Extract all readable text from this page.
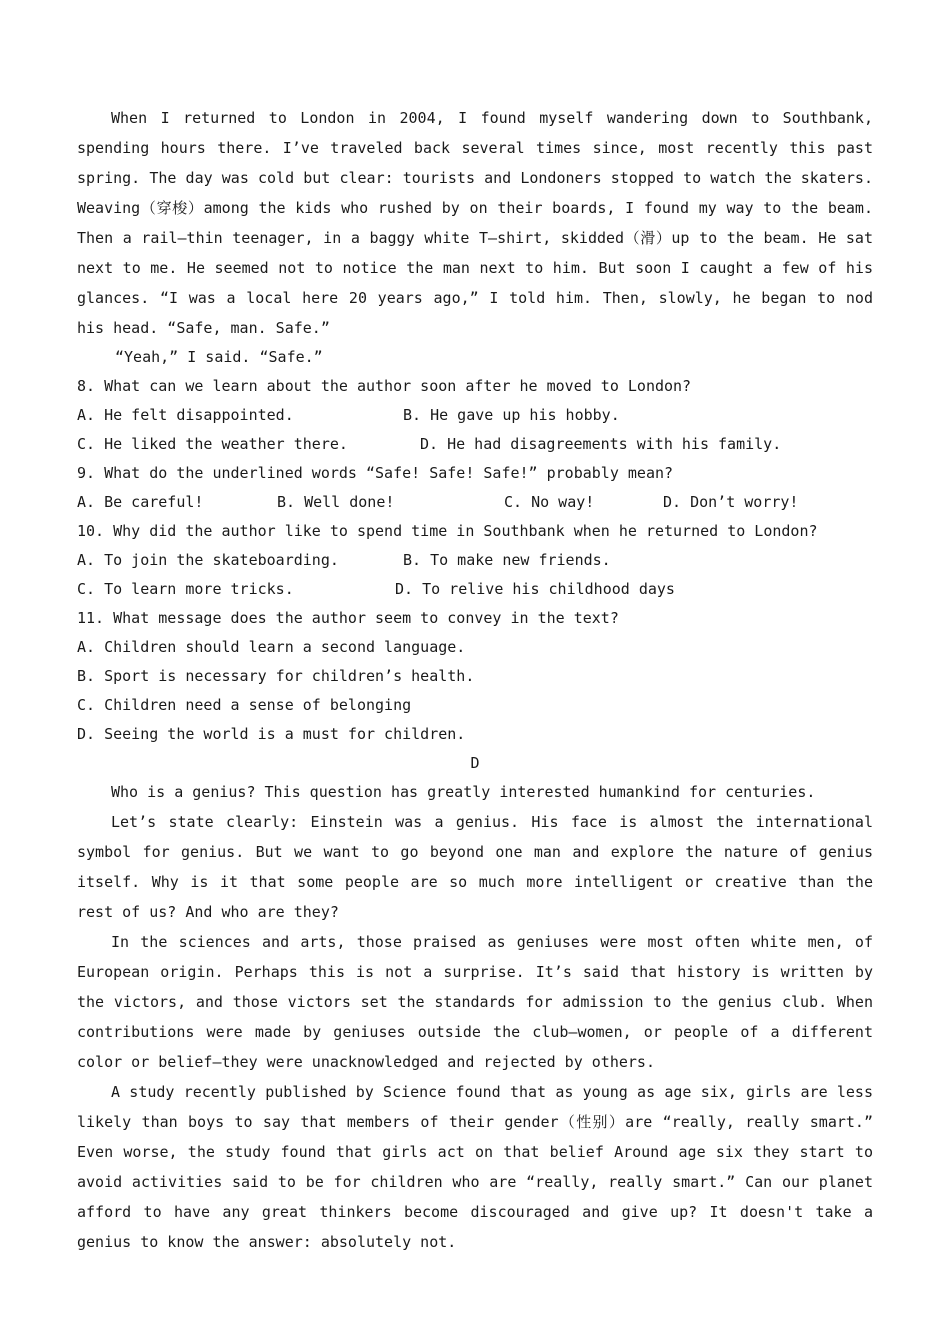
When I returned to London in 2004, I found myself wandering down to Southbank, spending hours there. I’ve traveled back several times since, most recently this past spring. The day was cold but clear: tourists and Londoners stopped to watch the skaters. Weaving（穿梭）among the kids who rushed by on their boards, I found my way to the beam. Then a rail—thin teenager, in a baggy white T—shirt, skidded（滑）up to the beam. He sat next to me. He seemed not to notice the man next to him. But soon I caught a few of his glances. “I was a local here 20 years ago,” I told him. Then, slowly, he began to nod his head. “Safe, man. Safe.”

“Yeah,” I said. “Safe.”

8. What can we learn about the author soon after he moved to London?

A. He felt disappointed.	B. He gave up his hobby.
C. He liked the weather there.	D. He had disagreements with his family.

9. What do the underlined words “Safe! Safe! Safe!” probably mean?

A. Be careful!	B. Well done!	C. No way!	D. Don’t worry!

10. Why did the author like to spend time in Southbank when he returned to London?

A. To join the skateboarding.	B. To make new friends.
C. To learn more tricks.	D. To relive his childhood days

11. What message does the author seem to convey in the text?

A. Children should learn a second language.

B. Sport is necessary for children’s health.

C. Children need a sense of belonging

D. Seeing the world is a must for children.

D

Who is a genius? This question has greatly interested humankind for centuries.

Let’s state clearly: Einstein was a genius. His face is almost the international symbol for genius. But we want to go beyond one man and explore the nature of genius itself. Why is it that some people are so much more intelligent or creative than the rest of us? And who are they?

In the sciences and arts, those praised as geniuses were most often white men, of European origin. Perhaps this is not a surprise. It’s said that history is written by the victors, and those victors set the standards for admission to the genius club. When contributions were made by geniuses outside the club—women, or people of a different color or belief—they were unacknowledged and rejected by others.

A study recently published by Science found that as young as age six, girls are less likely than boys to say that members of their gender（性别）are “really, really smart.” Even worse, the study found that girls act on that belief Around age six they start to avoid activities said to be for children who are “really, really smart.” Can our planet afford to have any great thinkers become discouraged and give up? It doesn't take a genius to know the answer: absolutely not.
